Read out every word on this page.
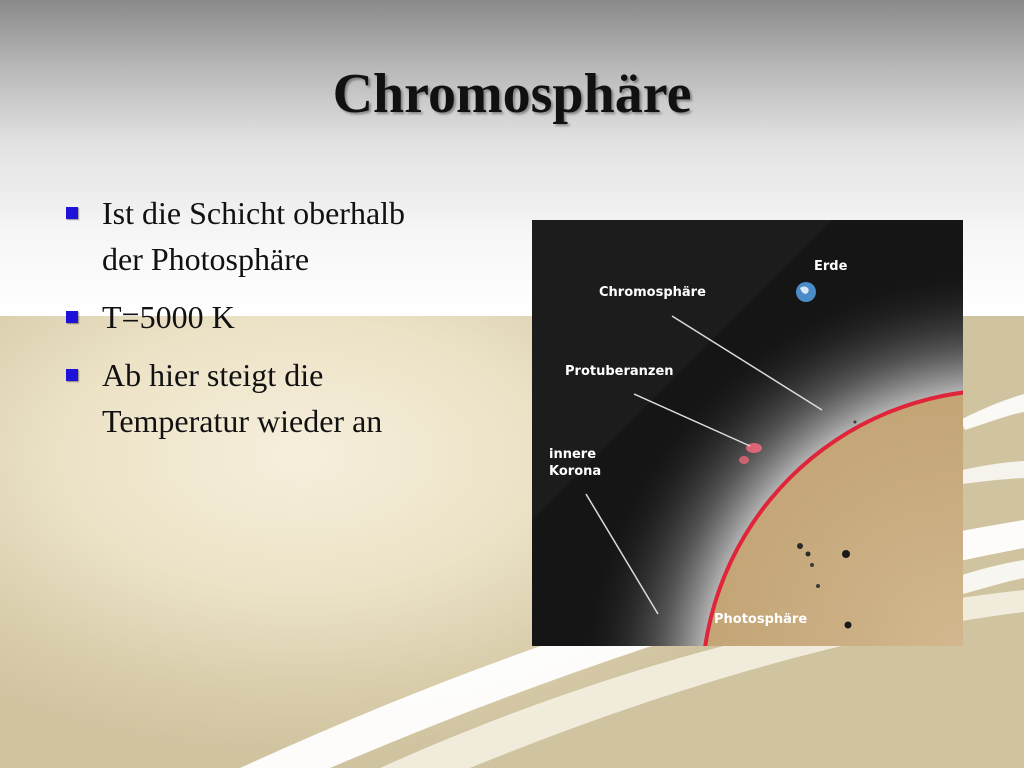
Chromosphäre
Ist die Schicht oberhalb
der Photosphäre
T=5000 K
Ab hier steigt die
Temperatur wieder an
Erde
Chromosphäre
Protuberanzen
innere
Korona
Photosphäre
